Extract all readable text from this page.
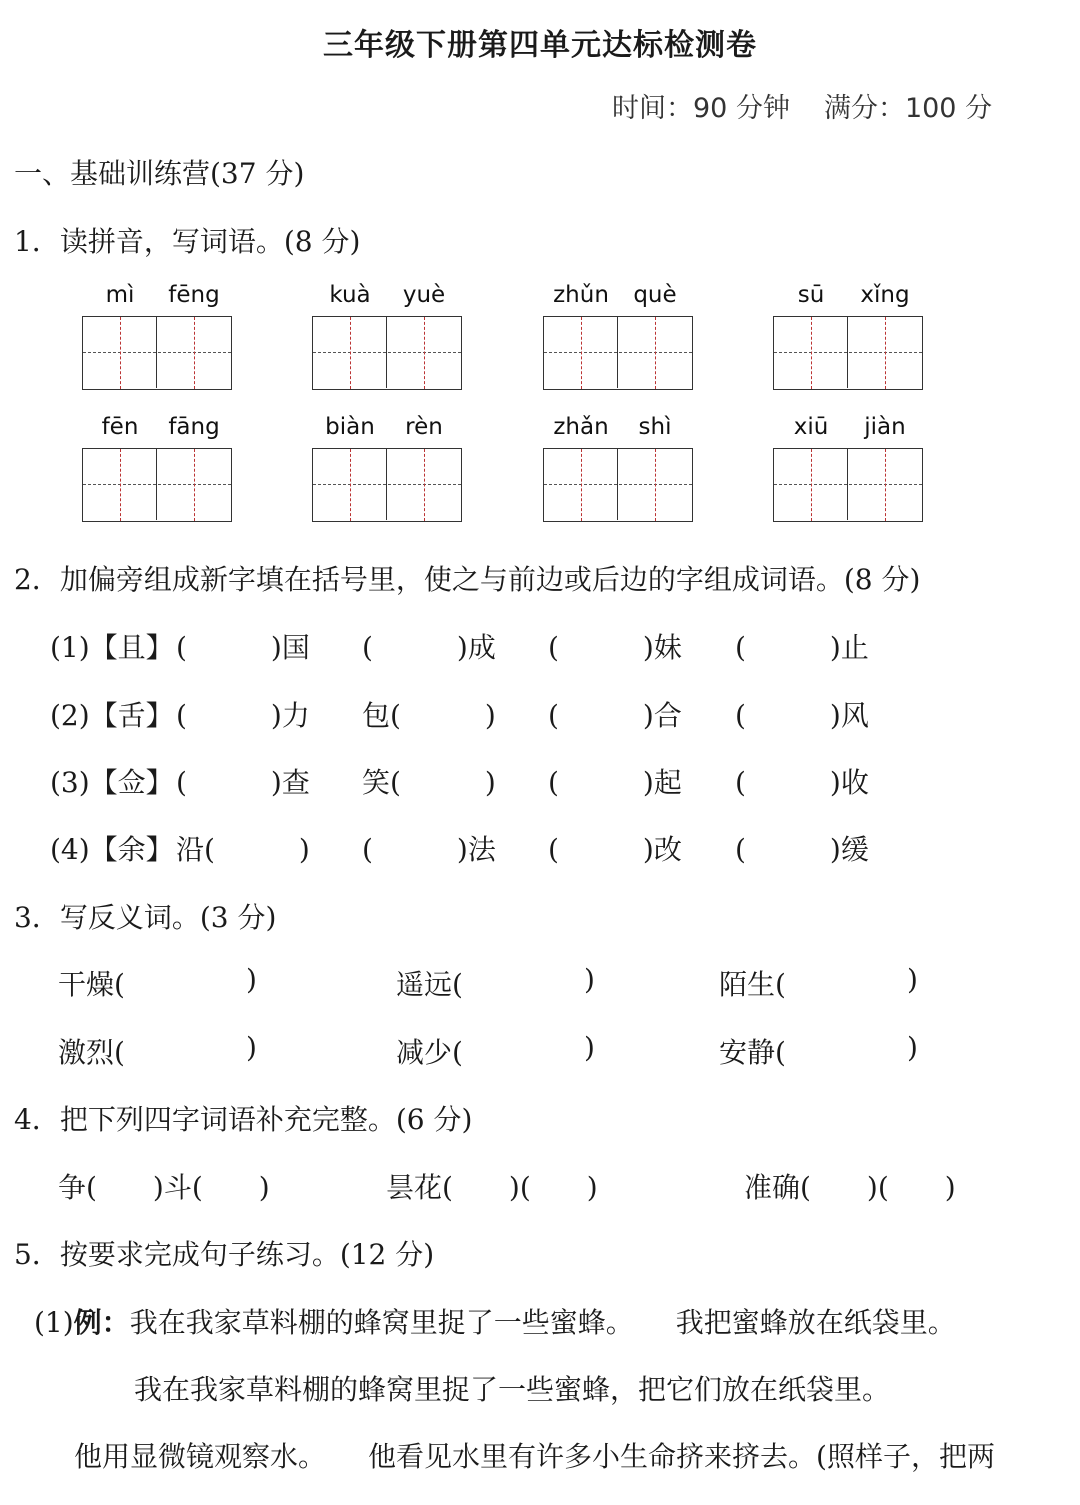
三年级下册第四单元达标检测卷
时间：90 分钟 满分：100 分
一、基础训练营(37 分)
1．读拼音，写词语。(8 分)
mì	fēng	kuà	yuè	zhǔn	què	sū	xǐng
fēn	fāng	biàn	rèn	zhǎn	shì	xiū	jiàn
2．加偏旁组成新字填在括号里，使之与前边或后边的字组成词语。(8 分)
(1)【且】 (　　　)国 (　　　)成 (　　　)妹 (　　　)止
(2)【舌】 (　　　)力 包(　　　) (　　　)合 (　　　)风
(3)【佥】 (　　　)查 笑(　　　) (　　　)起 (　　　)收
(4)【余】 沿(　　　) (　　　)法 (　　　)改 (　　　)缓
3．写反义词。(3 分)
干燥(	)	遥远(	)	陌生(	)
激烈(	)	减少(	)	安静(	)
4．把下列四字词语补充完整。(6 分)
争(　　)斗(　　)	昙花(　　)(　　)	准确(　　)(　　)
5．按要求完成句子练习。(12 分)
(1)例：我在我家草料棚的蜂窝里捉了一些蜜蜂。 我把蜜蜂放在纸袋里。
我在我家草料棚的蜂窝里捉了一些蜜蜂，把它们放在纸袋里。
他用显微镜观察水。 他看见水里有许多小生命挤来挤去。(照样子，把两
